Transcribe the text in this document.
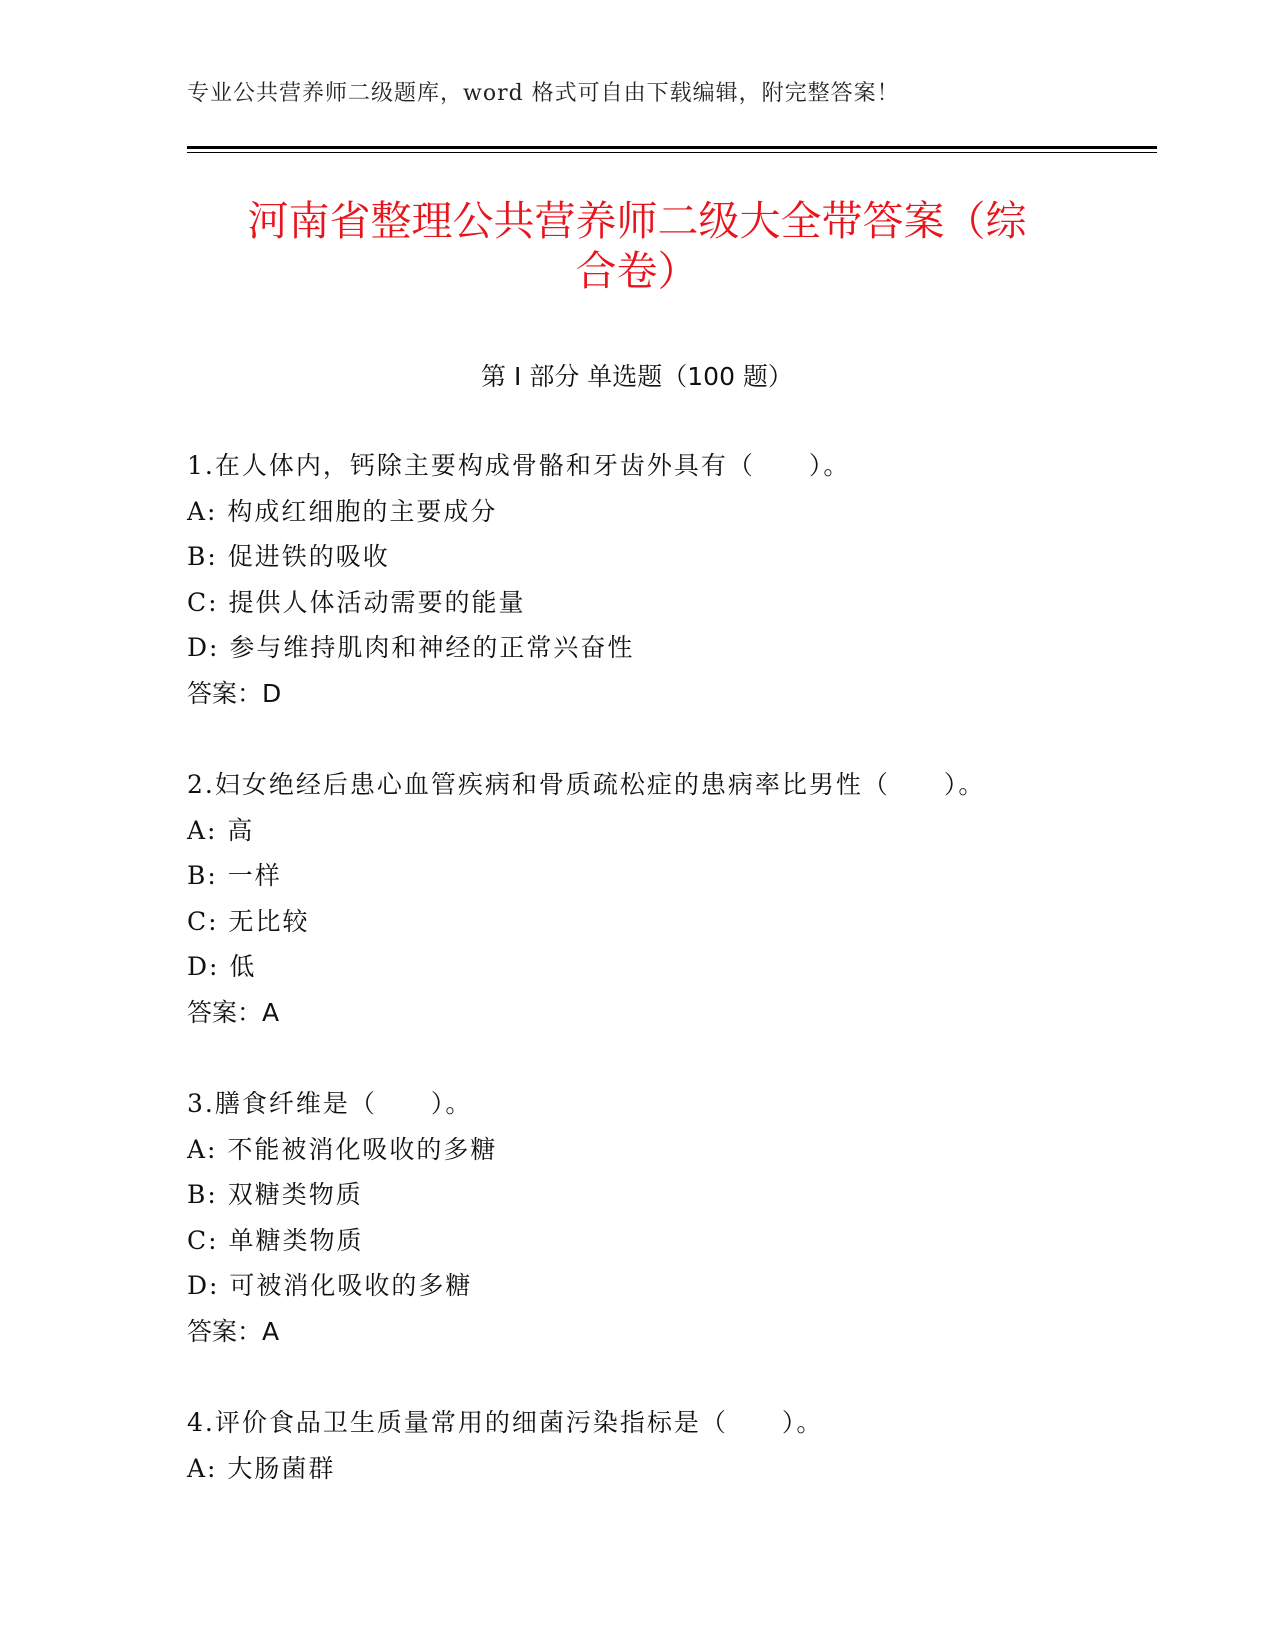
专业公共营养师二级题库，word 格式可自由下载编辑，附完整答案！
河南省整理公共营养师二级大全带答案（综
合卷）
第 I 部分 单选题（100 题）
1.在人体内，钙除主要构成骨骼和牙齿外具有（　　）。
A: 构成红细胞的主要成分
B: 促进铁的吸收
C: 提供人体活动需要的能量
D: 参与维持肌肉和神经的正常兴奋性
答案：D
2.妇女绝经后患心血管疾病和骨质疏松症的患病率比男性（　　）。
A: 高
B: 一样
C: 无比较
D: 低
答案：A
3.膳食纤维是（　　）。
A: 不能被消化吸收的多糖
B: 双糖类物质
C: 单糖类物质
D: 可被消化吸收的多糖
答案：A
4.评价食品卫生质量常用的细菌污染指标是（　　）。
A: 大肠菌群
